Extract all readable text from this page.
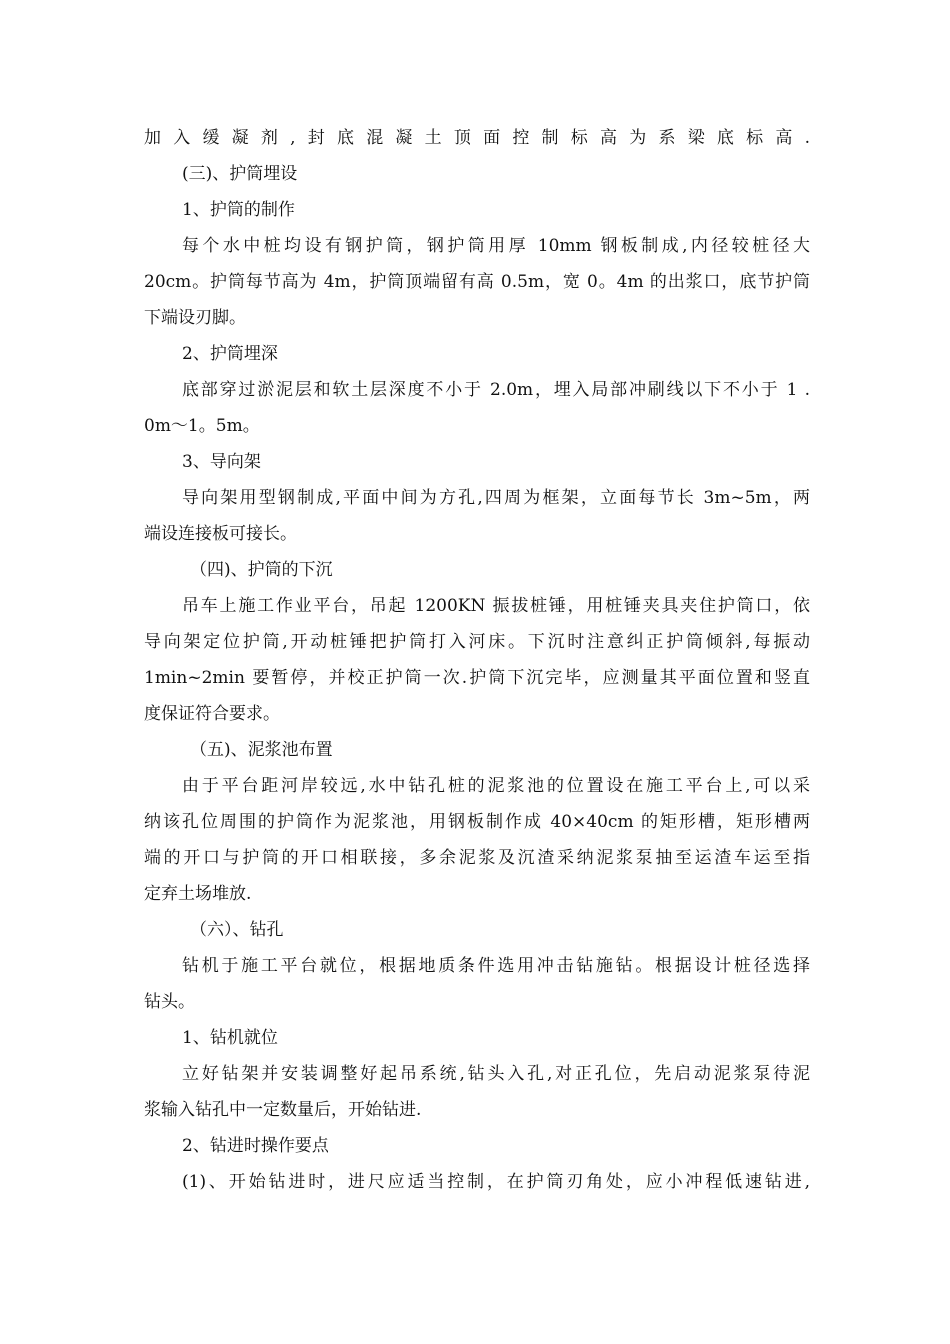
加入缓凝剂,封底混凝土顶面控制标高为系梁底标高.
(三)、护筒埋设
1、护筒的制作
每个水中桩均设有钢护筒，钢护筒用厚 10mm 钢板制成,内径较桩径大
20cm。护筒每节高为 4m，护筒顶端留有高 0.5m，宽 0。4m 的出浆口，底节护筒
下端设刃脚。
2、护筒埋深
底部穿过淤泥层和软土层深度不小于 2.0m，埋入局部冲刷线以下不小于 1 .
0m～1。5m。
3、导向架
导向架用型钢制成,平面中间为方孔,四周为框架，立面每节长 3m~5m，两
端设连接板可接长。
（四)、护筒的下沉
吊车上施工作业平台，吊起 1200KN 振拔桩锤，用桩锤夹具夹住护筒口，依
导向架定位护筒,开动桩锤把护筒打入河床。下沉时注意纠正护筒倾斜,每振动
1min~2min 要暂停，并校正护筒一次.护筒下沉完毕，应测量其平面位置和竖直
度保证符合要求。
（五)、泥浆池布置
由于平台距河岸较远,水中钻孔桩的泥浆池的位置设在施工平台上,可以采
纳该孔位周围的护筒作为泥浆池，用钢板制作成 40×40cm 的矩形槽，矩形槽两
端的开口与护筒的开口相联接，多余泥浆及沉渣采纳泥浆泵抽至运渣车运至指
定弃土场堆放.
（六）、钻孔
钻机于施工平台就位，根据地质条件选用冲击钻施钻。根据设计桩径选择
钻头。
1、钻机就位
立好钻架并安装调整好起吊系统,钻头入孔,对正孔位，先启动泥浆泵待泥
浆输入钻孔中一定数量后，开始钻进.
2、钻进时操作要点
(1)、开始钻进时，进尺应适当控制，在护筒刃角处，应小冲程低速钻进,
